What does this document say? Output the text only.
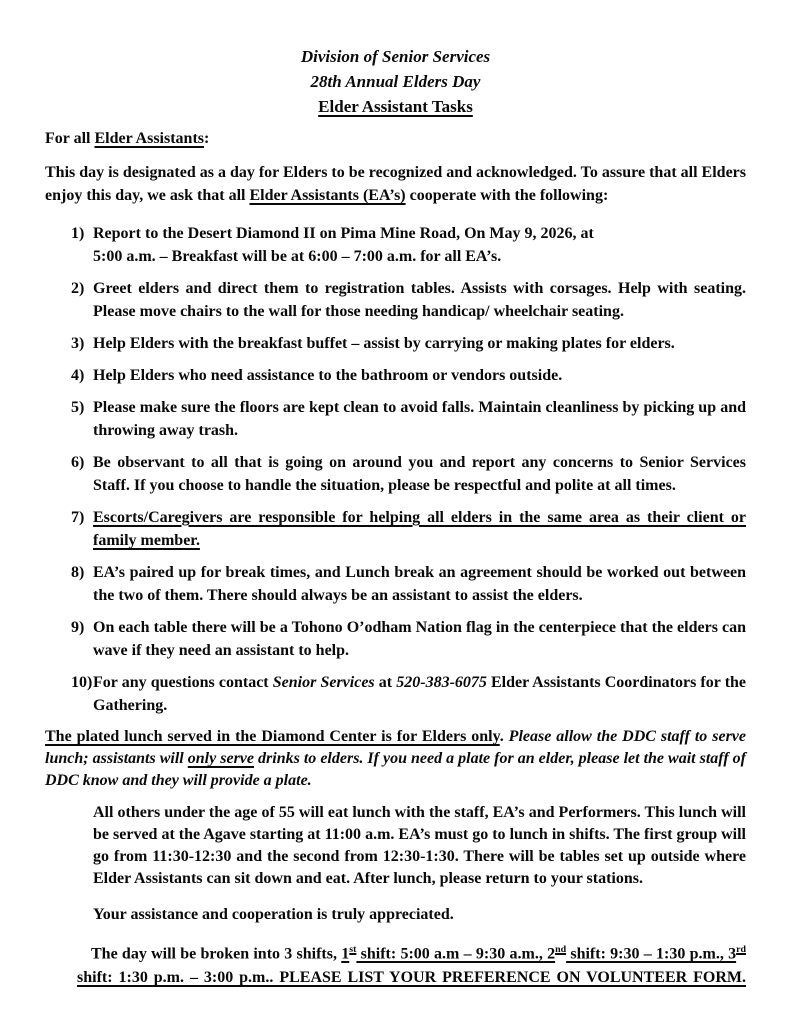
Division of Senior Services
28th Annual Elders Day
Elder Assistant Tasks
For all Elder Assistants:
This day is designated as a day for Elders to be recognized and acknowledged. To assure that all Elders enjoy this day, we ask that all Elder Assistants (EA’s) cooperate with the following:
1) Report to the Desert Diamond II on Pima Mine Road, On May 9, 2026, at
5:00 a.m. – Breakfast will be at 6:00 – 7:00 a.m. for all EA’s.
2) Greet elders and direct them to registration tables. Assists with corsages. Help with seating. Please move chairs to the wall for those needing handicap/ wheelchair seating.
3) Help Elders with the breakfast buffet – assist by carrying or making plates for elders.
4) Help Elders who need assistance to the bathroom or vendors outside.
5) Please make sure the floors are kept clean to avoid falls. Maintain cleanliness by picking up and throwing away trash.
6) Be observant to all that is going on around you and report any concerns to Senior Services Staff. If you choose to handle the situation, please be respectful and polite at all times.
7) Escorts/Caregivers are responsible for helping all elders in the same area as their client or family member.
8) EA’s paired up for break times, and Lunch break an agreement should be worked out between the two of them. There should always be an assistant to assist the elders.
9) On each table there will be a Tohono O’odham Nation flag in the centerpiece that the elders can wave if they need an assistant to help.
10) For any questions contact Senior Services at 520-383-6075 Elder Assistants Coordinators for the Gathering.
The plated lunch served in the Diamond Center is for Elders only. Please allow the DDC staff to serve lunch; assistants will only serve drinks to elders. If you need a plate for an elder, please let the wait staff of DDC know and they will provide a plate.
All others under the age of 55 will eat lunch with the staff, EA’s and Performers. This lunch will be served at the Agave starting at 11:00 a.m. EA’s must go to lunch in shifts. The first group will go from 11:30-12:30 and the second from 12:30-1:30. There will be tables set up outside where Elder Assistants can sit down and eat. After lunch, please return to your stations.
Your assistance and cooperation is truly appreciated.
The day will be broken into 3 shifts, 1st shift: 5:00 a.m – 9:30 a.m., 2nd shift: 9:30 – 1:30 p.m., 3rd shift: 1:30 p.m. – 3:00 p.m.. PLEASE LIST YOUR PREFERENCE ON VOLUNTEER FORM.
